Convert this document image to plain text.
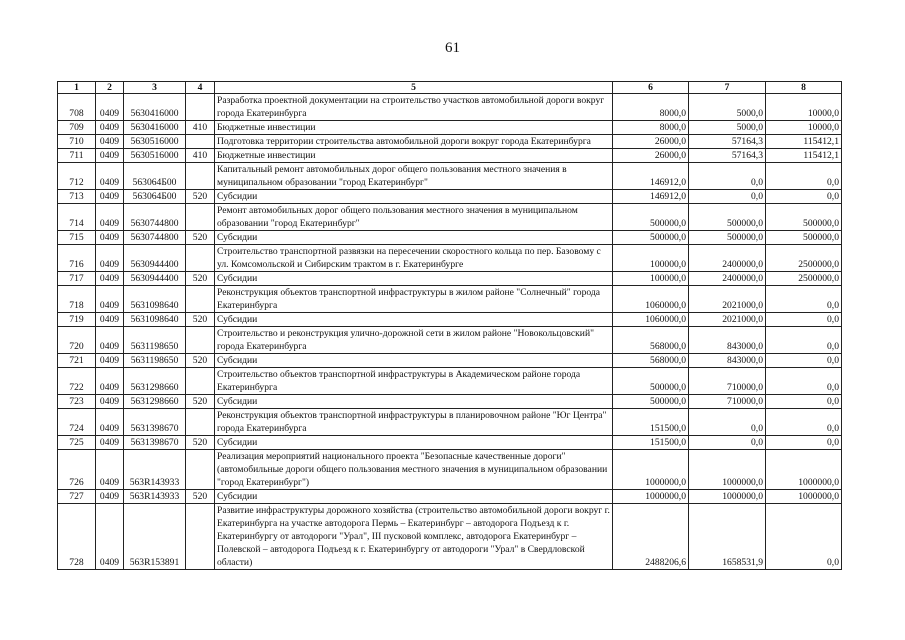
61
1	2	3	4	5	6	7	8
708	0409	5630416000		Разработка проектной документации на строительство участков автомобильной дороги вокруг города Екатеринбурга	8000,0	5000,0	10000,0
709	0409	5630416000	410	Бюджетные инвестиции	8000,0	5000,0	10000,0
710	0409	5630516000		Подготовка территории строительства автомобильной дороги вокруг города Екатеринбурга	26000,0	57164,3	115412,1
711	0409	5630516000	410	Бюджетные инвестиции	26000,0	57164,3	115412,1
712	0409	563064Б00		Капитальный ремонт автомобильных дорог общего пользования местного значения в муниципальном образовании "город Екатеринбург"	146912,0	0,0	0,0
713	0409	563064Б00	520	Субсидии	146912,0	0,0	0,0
714	0409	5630744800		Ремонт автомобильных дорог общего пользования местного значения в муниципальном образовании "город Екатеринбург"	500000,0	500000,0	500000,0
715	0409	5630744800	520	Субсидии	500000,0	500000,0	500000,0
716	0409	5630944400		Строительство транспортной развязки на пересечении скоростного кольца по пер. Базовому с ул. Комсомольской и Сибирским трактом в г. Екатеринбурге	100000,0	2400000,0	2500000,0
717	0409	5630944400	520	Субсидии	100000,0	2400000,0	2500000,0
718	0409	5631098640		Реконструкция объектов транспортной инфраструктуры в жилом районе "Солнечный" города Екатеринбурга	1060000,0	2021000,0	0,0
719	0409	5631098640	520	Субсидии	1060000,0	2021000,0	0,0
720	0409	5631198650		Строительство и реконструкция улично-дорожной сети в жилом районе "Новокольцовский" города Екатеринбурга	568000,0	843000,0	0,0
721	0409	5631198650	520	Субсидии	568000,0	843000,0	0,0
722	0409	5631298660		Строительство объектов транспортной инфраструктуры в Академическом районе города Екатеринбурга	500000,0	710000,0	0,0
723	0409	5631298660	520	Субсидии	500000,0	710000,0	0,0
724	0409	5631398670		Реконструкция объектов транспортной инфраструктуры в планировочном районе "Юг Центра" города Екатеринбурга	151500,0	0,0	0,0
725	0409	5631398670	520	Субсидии	151500,0	0,0	0,0
726	0409	563R143933		Реализация мероприятий национального проекта "Безопасные качественные дороги" (автомобильные дороги общего пользования местного значения в муниципальном образовании "город Екатеринбург")	1000000,0	1000000,0	1000000,0
727	0409	563R143933	520	Субсидии	1000000,0	1000000,0	1000000,0
728	0409	563R153891		Развитие инфраструктуры дорожного хозяйства (строительство автомобильной дороги вокруг г. Екатеринбурга на участке автодорога Пермь – Екатеринбург – автодорога Подъезд к г. Екатеринбургу от автодороги "Урал", III пусковой комплекс, автодорога Екатеринбург – Полевской – автодорога Подъезд к г. Екатеринбургу от автодороги "Урал" в Свердловской области)	2488206,6	1658531,9	0,0
